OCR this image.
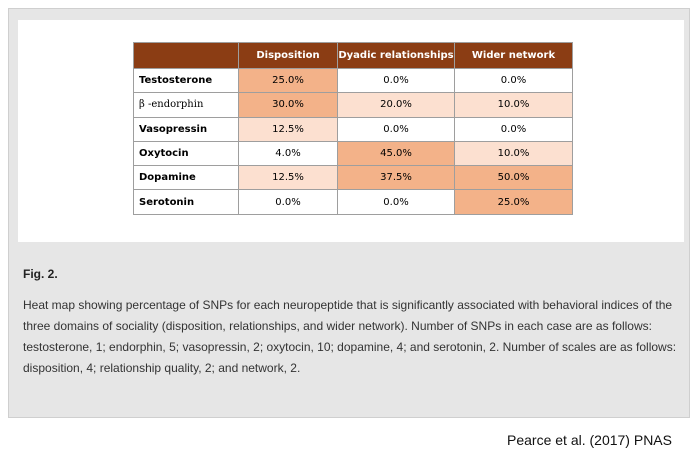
	Disposition	Dyadic relationships	Wider network
Testosterone	25.0%	0.0%	0.0%
β -endorphin	30.0%	20.0%	10.0%
Vasopressin	12.5%	0.0%	0.0%
Oxytocin	4.0%	45.0%	10.0%
Dopamine	12.5%	37.5%	50.0%
Serotonin	0.0%	0.0%	25.0%

Fig. 2.

Heat map showing percentage of SNPs for each neuropeptide that is significantly associated with behavioral indices of the three domains of sociality (disposition, relationships, and wider network). Number of SNPs in each case are as follows: testosterone, 1; endorphin, 5; vasopressin, 2; oxytocin, 10; dopamine, 4; and serotonin, 2. Number of scales are as follows: disposition, 4; relationship quality, 2; and network, 2.

Pearce et al. (2017) PNAS
